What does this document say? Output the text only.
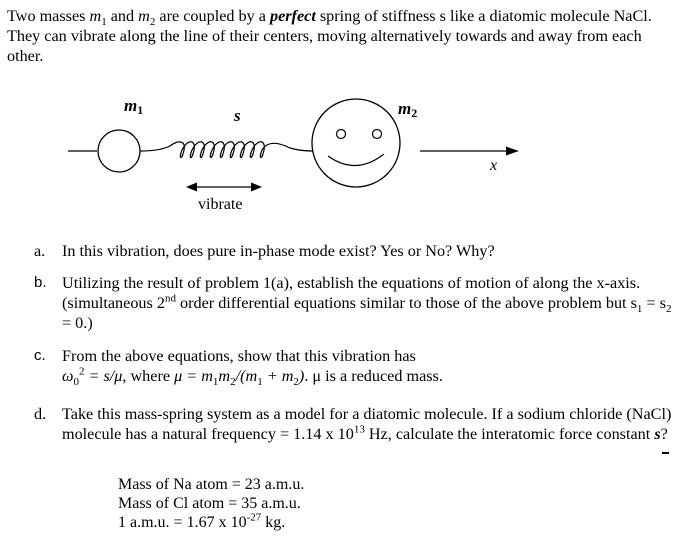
Two masses $m_1$ and $m_2$ are coupled by a perfect spring of stiffness s like a diatomic molecule NaCl. They can vibrate along the line of their centers, moving alternatively towards and away from each other.
m1	s	m2
x
vibrate
a.	In this vibration, does pure in-phase mode exist? Yes or No? Why?
b. Utilizing the result of problem 1(a), establish the equations of motion of along the x-axis. (simultaneous 2nd order differential equations similar to those of the above problem but $s_1 = s_2 = 0$.)
c.	From the above equations, show that this vibration has
$\omega_0^2 = s/\mu$, where $\mu = m_1m_2/(m_1 + m_2)$. μ is a reduced mass.
d. Take this mass-spring system as a model for a diatomic molecule. If a sodium chloride (NaCl) molecule has a natural frequency = 1.14 x $10^{13}$ Hz, calculate the interatomic force constant s?
Mass of Na atom = 23 a.m.u.
Mass of Cl atom = 35 a.m.u.
1 a.m.u. = 1.67 x $10^{-27}$ kg.
